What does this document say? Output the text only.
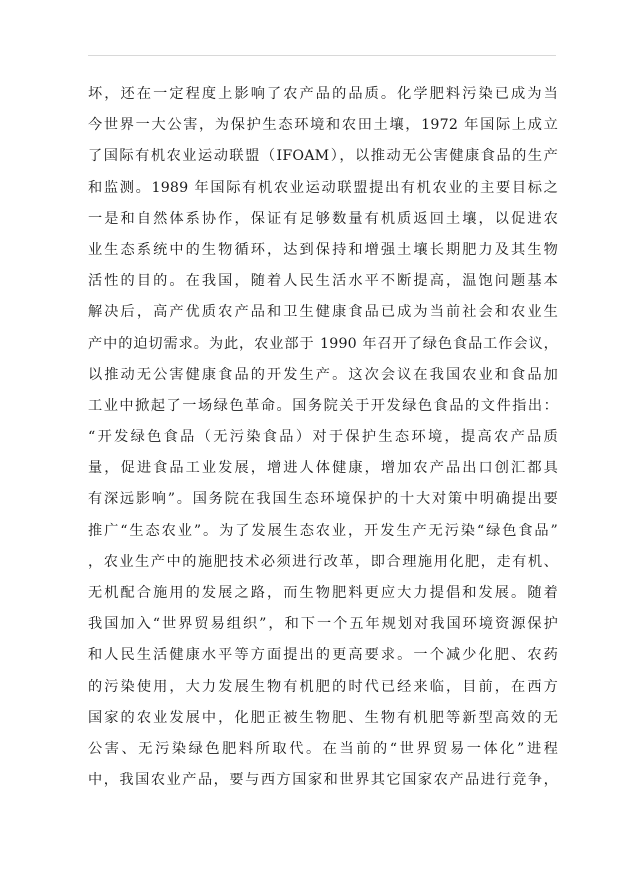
坏，还在一定程度上影响了农产品的品质。化学肥料污染已成为当
今世界一大公害，为保护生态环境和农田土壤，1972 年国际上成立
了国际有机农业运动联盟（IFOAM），以推动无公害健康食品的生产
和监测。1989 年国际有机农业运动联盟提出有机农业的主要目标之
一是和自然体系协作，保证有足够数量有机质返回土壤，以促进农
业生态系统中的生物循环，达到保持和增强土壤长期肥力及其生物
活性的目的。在我国，随着人民生活水平不断提高，温饱问题基本
解决后，高产优质农产品和卫生健康食品已成为当前社会和农业生
产中的迫切需求。为此，农业部于 1990 年召开了绿色食品工作会议，
以推动无公害健康食品的开发生产。这次会议在我国农业和食品加
工业中掀起了一场绿色革命。国务院关于开发绿色食品的文件指出：
“开发绿色食品（无污染食品）对于保护生态环境，提高农产品质
量，促进食品工业发展，增进人体健康，增加农产品出口创汇都具
有深远影响”。国务院在我国生态环境保护的十大对策中明确提出要
推广“生态农业”。为了发展生态农业，开发生产无污染“绿色食品”
，农业生产中的施肥技术必须进行改革，即合理施用化肥，走有机、
无机配合施用的发展之路，而生物肥料更应大力提倡和发展。随着
我国加入“世界贸易组织”，和下一个五年规划对我国环境资源保护
和人民生活健康水平等方面提出的更高要求。一个减少化肥、农药
的污染使用，大力发展生物有机肥的时代已经来临，目前，在西方
国家的农业发展中，化肥正被生物肥、生物有机肥等新型高效的无
公害、无污染绿色肥料所取代。在当前的“世界贸易一体化”进程
中，我国农业产品，要与西方国家和世界其它国家农产品进行竞争，
